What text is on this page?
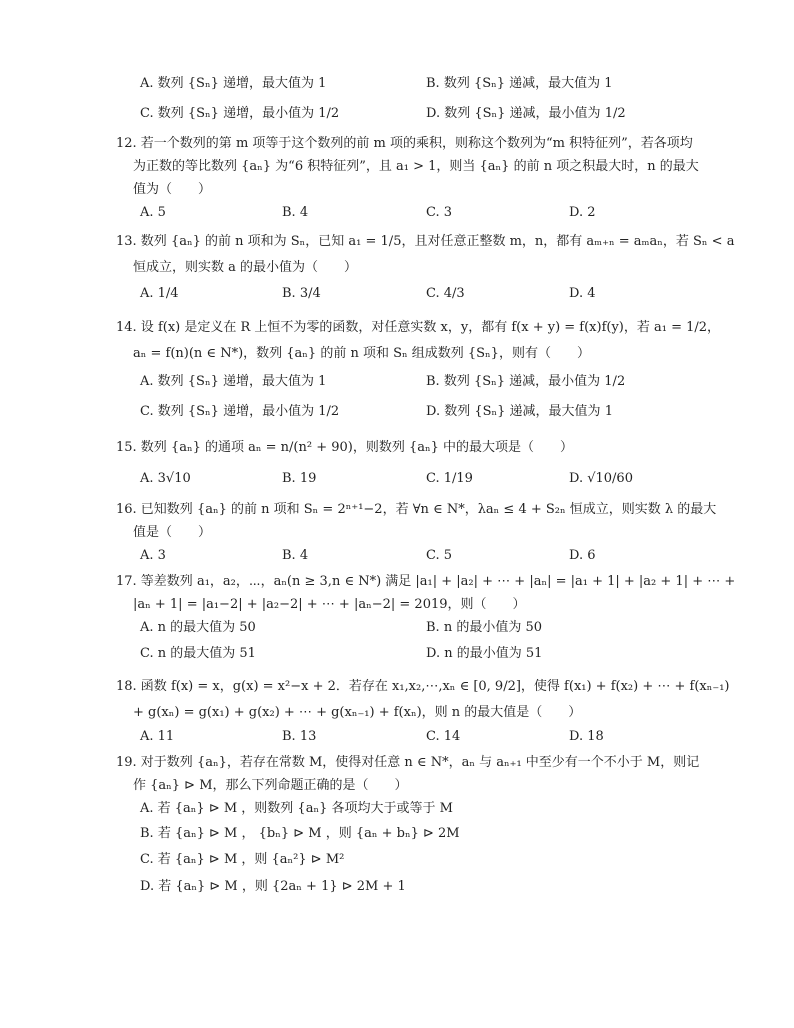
A. 数列 {Sₙ} 递增，最大值为 1	B. 数列 {Sₙ} 递减，最大值为 1
C. 数列 {Sₙ} 递增，最小值为 1/2	D. 数列 {Sₙ} 递减，最小值为 1/2
12. 若一个数列的第 m 项等于这个数列的前 m 项的乘积，则称这个数列为“m 积特征列”，若各项均
为正数的等比数列 {aₙ} 为“6 积特征列”，且 a₁ > 1，则当 {aₙ} 的前 n 项之积最大时，n 的最大
值为（　　）
A. 5	B. 4	C. 3	D. 2
13. 数列 {aₙ} 的前 n 项和为 Sₙ，已知 a₁ = 1/5，且对任意正整数 m，n，都有 aₘ₊ₙ = aₘaₙ，若 Sₙ < a
恒成立，则实数 a 的最小值为（　　）
A. 1/4	B. 3/4	C. 4/3	D. 4
14. 设 f(x) 是定义在 R 上恒不为零的函数，对任意实数 x，y，都有 f(x + y) = f(x)f(y)，若 a₁ = 1/2，
aₙ = f(n)(n ∈ N*)，数列 {aₙ} 的前 n 项和 Sₙ 组成数列 {Sₙ}，则有（　　）
A. 数列 {Sₙ} 递增，最大值为 1	B. 数列 {Sₙ} 递减，最小值为 1/2
C. 数列 {Sₙ} 递增，最小值为 1/2	D. 数列 {Sₙ} 递减，最大值为 1
15. 数列 {aₙ} 的通项 aₙ = n/(n² + 90)，则数列 {aₙ} 中的最大项是（　　）
A. 3√10	B. 19	C. 1/19	D. √10/60
16. 已知数列 {aₙ} 的前 n 项和 Sₙ = 2ⁿ⁺¹−2，若 ∀n ∈ N*，λaₙ ≤ 4 + S₂ₙ 恒成立，则实数 λ 的最大
值是（　　）
A. 3	B. 4	C. 5	D. 6
17. 等差数列 a₁，a₂，⋯，aₙ(n ≥ 3,n ∈ N*) 满足 |a₁| + |a₂| + ⋯ + |aₙ| = |a₁ + 1| + |a₂ + 1| + ⋯ +
|aₙ + 1| = |a₁−2| + |a₂−2| + ⋯ + |aₙ−2| = 2019，则（　　）
A. n 的最大值为 50	B. n 的最小值为 50
C. n 的最大值为 51	D. n 的最小值为 51
18. 函数 f(x) = x，g(x) = x²−x + 2．若存在 x₁,x₂,⋯,xₙ ∈ [0, 9/2]，使得 f(x₁) + f(x₂) + ⋯ + f(xₙ₋₁)
+ g(xₙ) = g(x₁) + g(x₂) + ⋯ + g(xₙ₋₁) + f(xₙ)，则 n 的最大值是（　　）
A. 11	B. 13	C. 14	D. 18
19. 对于数列 {aₙ}，若存在常数 M，使得对任意 n ∈ N*，aₙ 与 aₙ₊₁ 中至少有一个不小于 M，则记
作 {aₙ} ⊳ M，那么下列命题正确的是（　　）
A. 若 {aₙ} ⊳ M ，则数列 {aₙ} 各项均大于或等于 M
B. 若 {aₙ} ⊳ M ， {bₙ} ⊳ M ，则 {aₙ + bₙ} ⊳ 2M
C. 若 {aₙ} ⊳ M ，则 {aₙ²} ⊳ M²
D. 若 {aₙ} ⊳ M ，则 {2aₙ + 1} ⊳ 2M + 1
